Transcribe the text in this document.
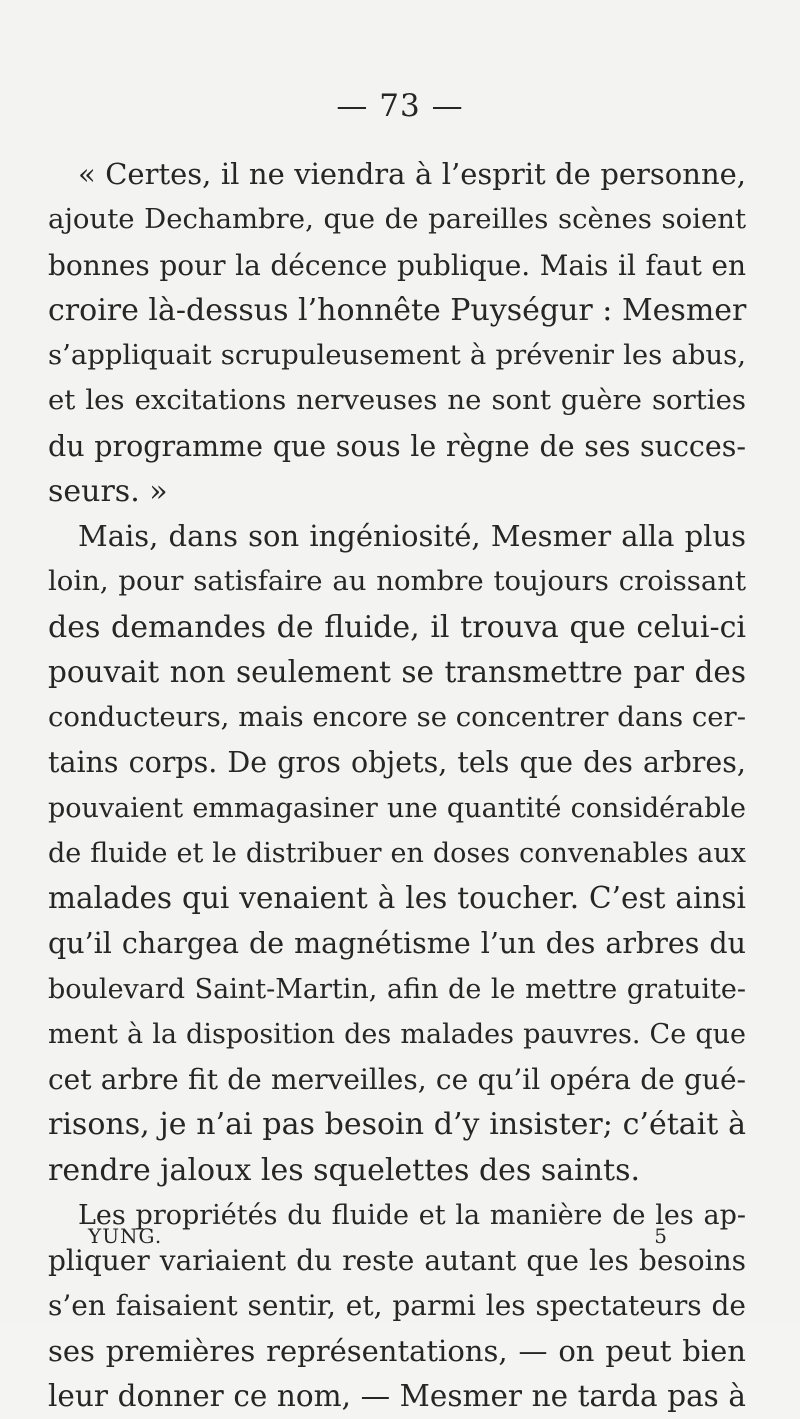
— 73 —
« Certes, il ne viendra à l’esprit de personne,
ajoute Dechambre, que de pareilles scènes soient
bonnes pour la décence publique. Mais il faut en
croire là-dessus l’honnête Puységur : Mesmer
s’appliquait scrupuleusement à prévenir les abus,
et les excitations nerveuses ne sont guère sorties
du programme que sous le règne de ses succes-
seurs. »
Mais, dans son ingéniosité, Mesmer alla plus
loin, pour satisfaire au nombre toujours croissant
des demandes de fluide, il trouva que celui-ci
pouvait non seulement se transmettre par des
conducteurs, mais encore se concentrer dans cer-
tains corps. De gros objets, tels que des arbres,
pouvaient emmagasiner une quantité considérable
de fluide et le distribuer en doses convenables aux
malades qui venaient à les toucher. C’est ainsi
qu’il chargea de magnétisme l’un des arbres du
boulevard Saint-Martin, afin de le mettre gratuite-
ment à la disposition des malades pauvres. Ce que
cet arbre fit de merveilles, ce qu’il opéra de gué-
risons, je n’ai pas besoin d’y insister; c’était à
rendre jaloux les squelettes des saints.
Les propriétés du fluide et la manière de les ap-
pliquer variaient du reste autant que les besoins
s’en faisaient sentir, et, parmi les spectateurs de
ses premières représentations, — on peut bien
leur donner ce nom, — Mesmer ne tarda pas à
YUNG.	5
